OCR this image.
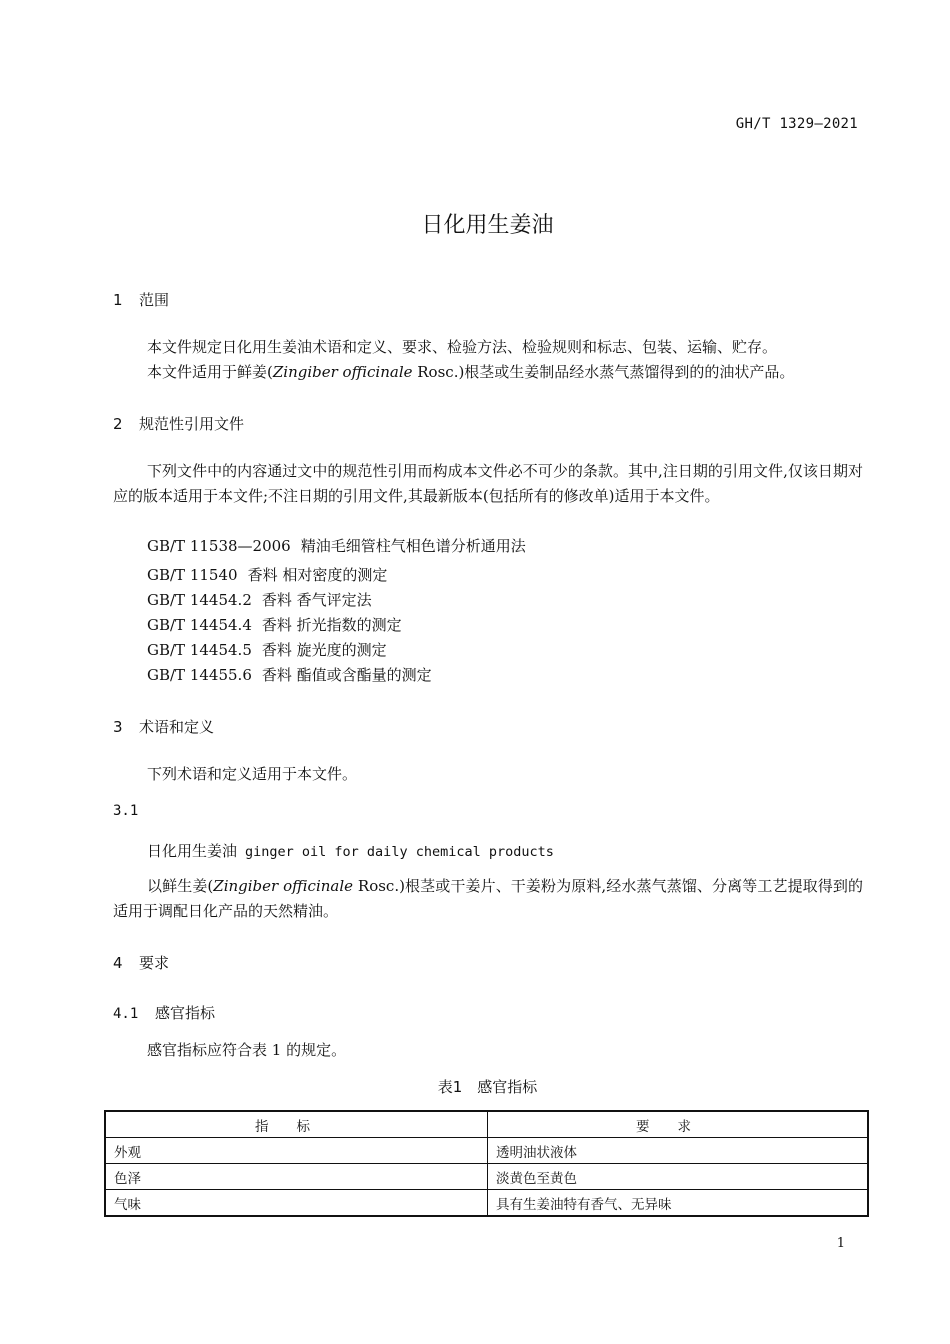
GH/T 1329—2021
日化用生姜油
1 范围
本文件规定日化用生姜油术语和定义、要求、检验方法、检验规则和标志、包装、运输、贮存。
本文件适用于鲜姜(Zingiber officinale Rosc.)根茎或生姜制品经水蒸气蒸馏得到的的油状产品。
2 规范性引用文件
下列文件中的内容通过文中的规范性引用而构成本文件必不可少的条款。其中,注日期的引用文件,仅该日期对应的版本适用于本文件;不注日期的引用文件,其最新版本(包括所有的修改单)适用于本文件。
GB/T 11538—2006 精油毛细管柱气相色谱分析通用法
GB/T 11540 香料 相对密度的测定
GB/T 14454.2 香料 香气评定法
GB/T 14454.4 香料 折光指数的测定
GB/T 14454.5 香料 旋光度的测定
GB/T 14455.6 香料 酯值或含酯量的测定
3 术语和定义
下列术语和定义适用于本文件。
3.1
日化用生姜油 ginger oil for daily chemical products
以鲜生姜(Zingiber officinale Rosc.)根茎或干姜片、干姜粉为原料,经水蒸气蒸馏、分离等工艺提取得到的适用于调配日化产品的天然精油。
4 要求
4.1 感官指标
感官指标应符合表 1 的规定。
表1　感官指标
指标	要求
外观	透明油状液体
色泽	淡黄色至黄色
气味	具有生姜油特有香气、无异味
1
